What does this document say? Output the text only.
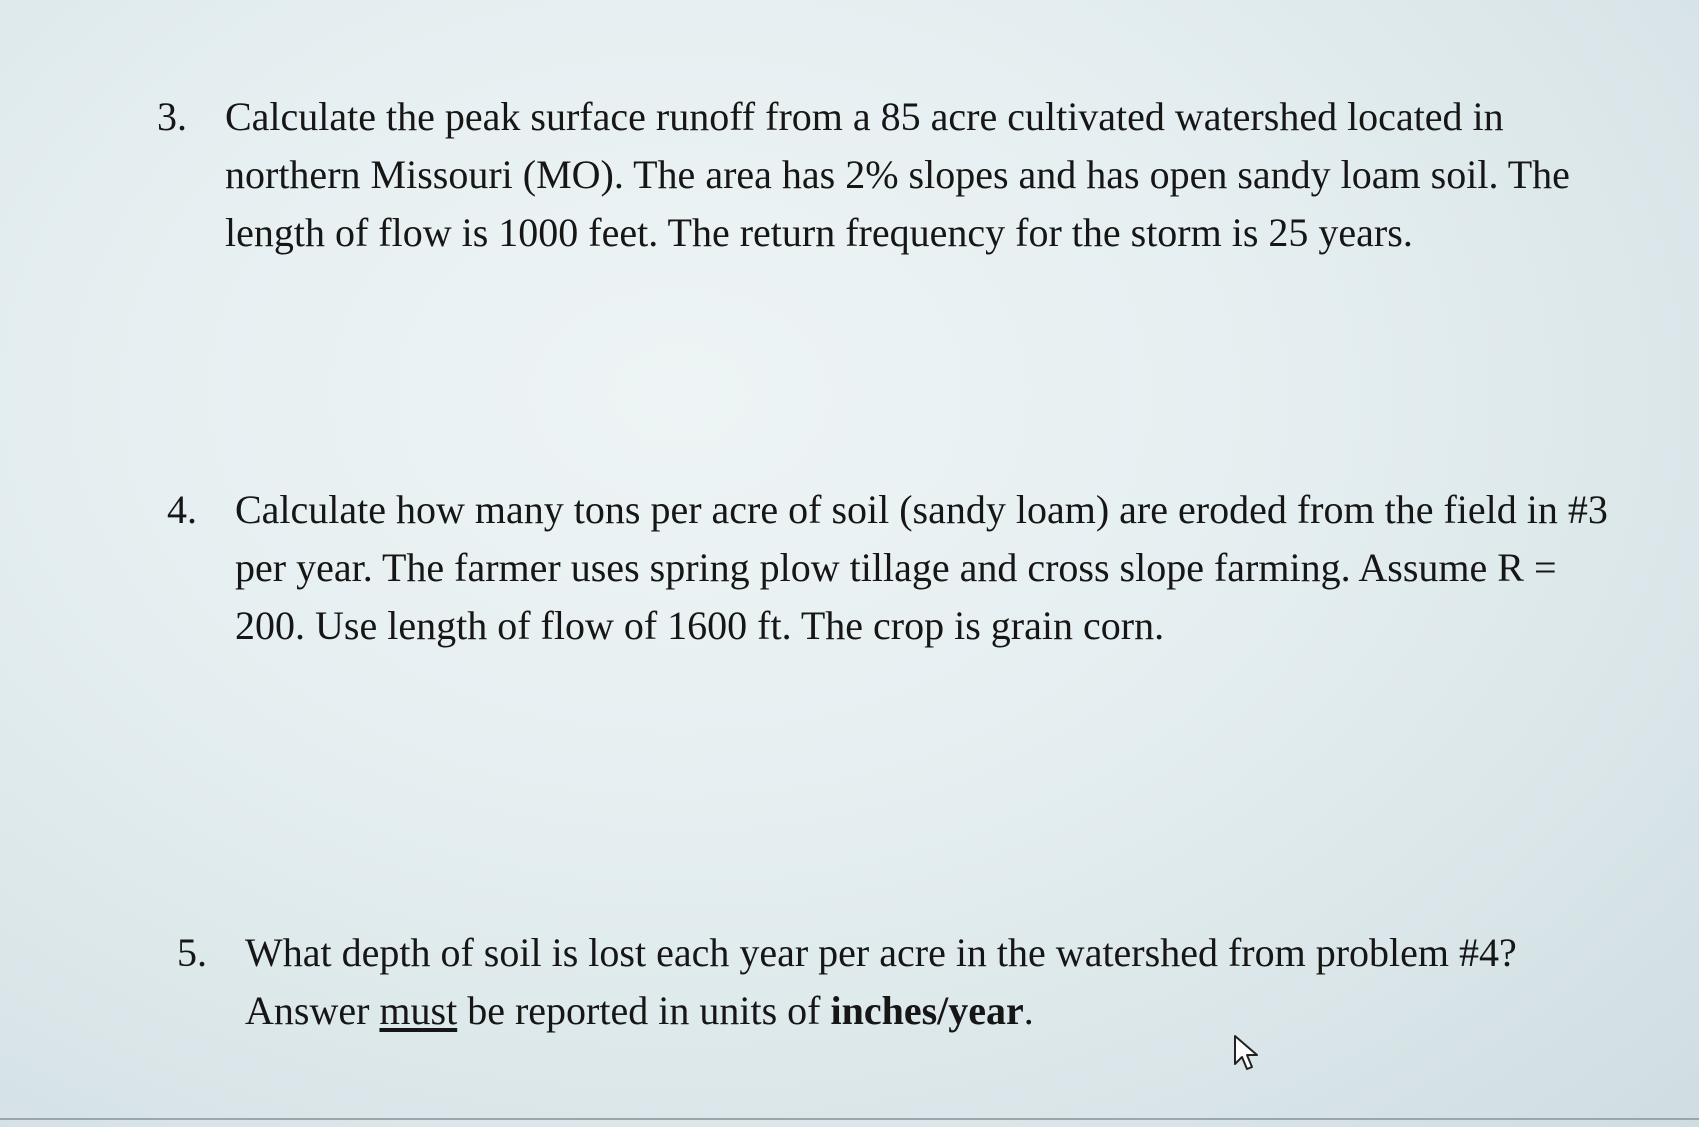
3. Calculate the peak surface runoff from a 85 acre cultivated watershed located in
northern Missouri (MO). The area has 2% slopes and has open sandy loam soil. The
length of flow is 1000 feet. The return frequency for the storm is 25 years.
4. Calculate how many tons per acre of soil (sandy loam) are eroded from the field in #3
per year. The farmer uses spring plow tillage and cross slope farming. Assume R =
200. Use length of flow of 1600 ft. The crop is grain corn.
5. What depth of soil is lost each year per acre in the watershed from problem #4?
Answer must be reported in units of inches/year.
